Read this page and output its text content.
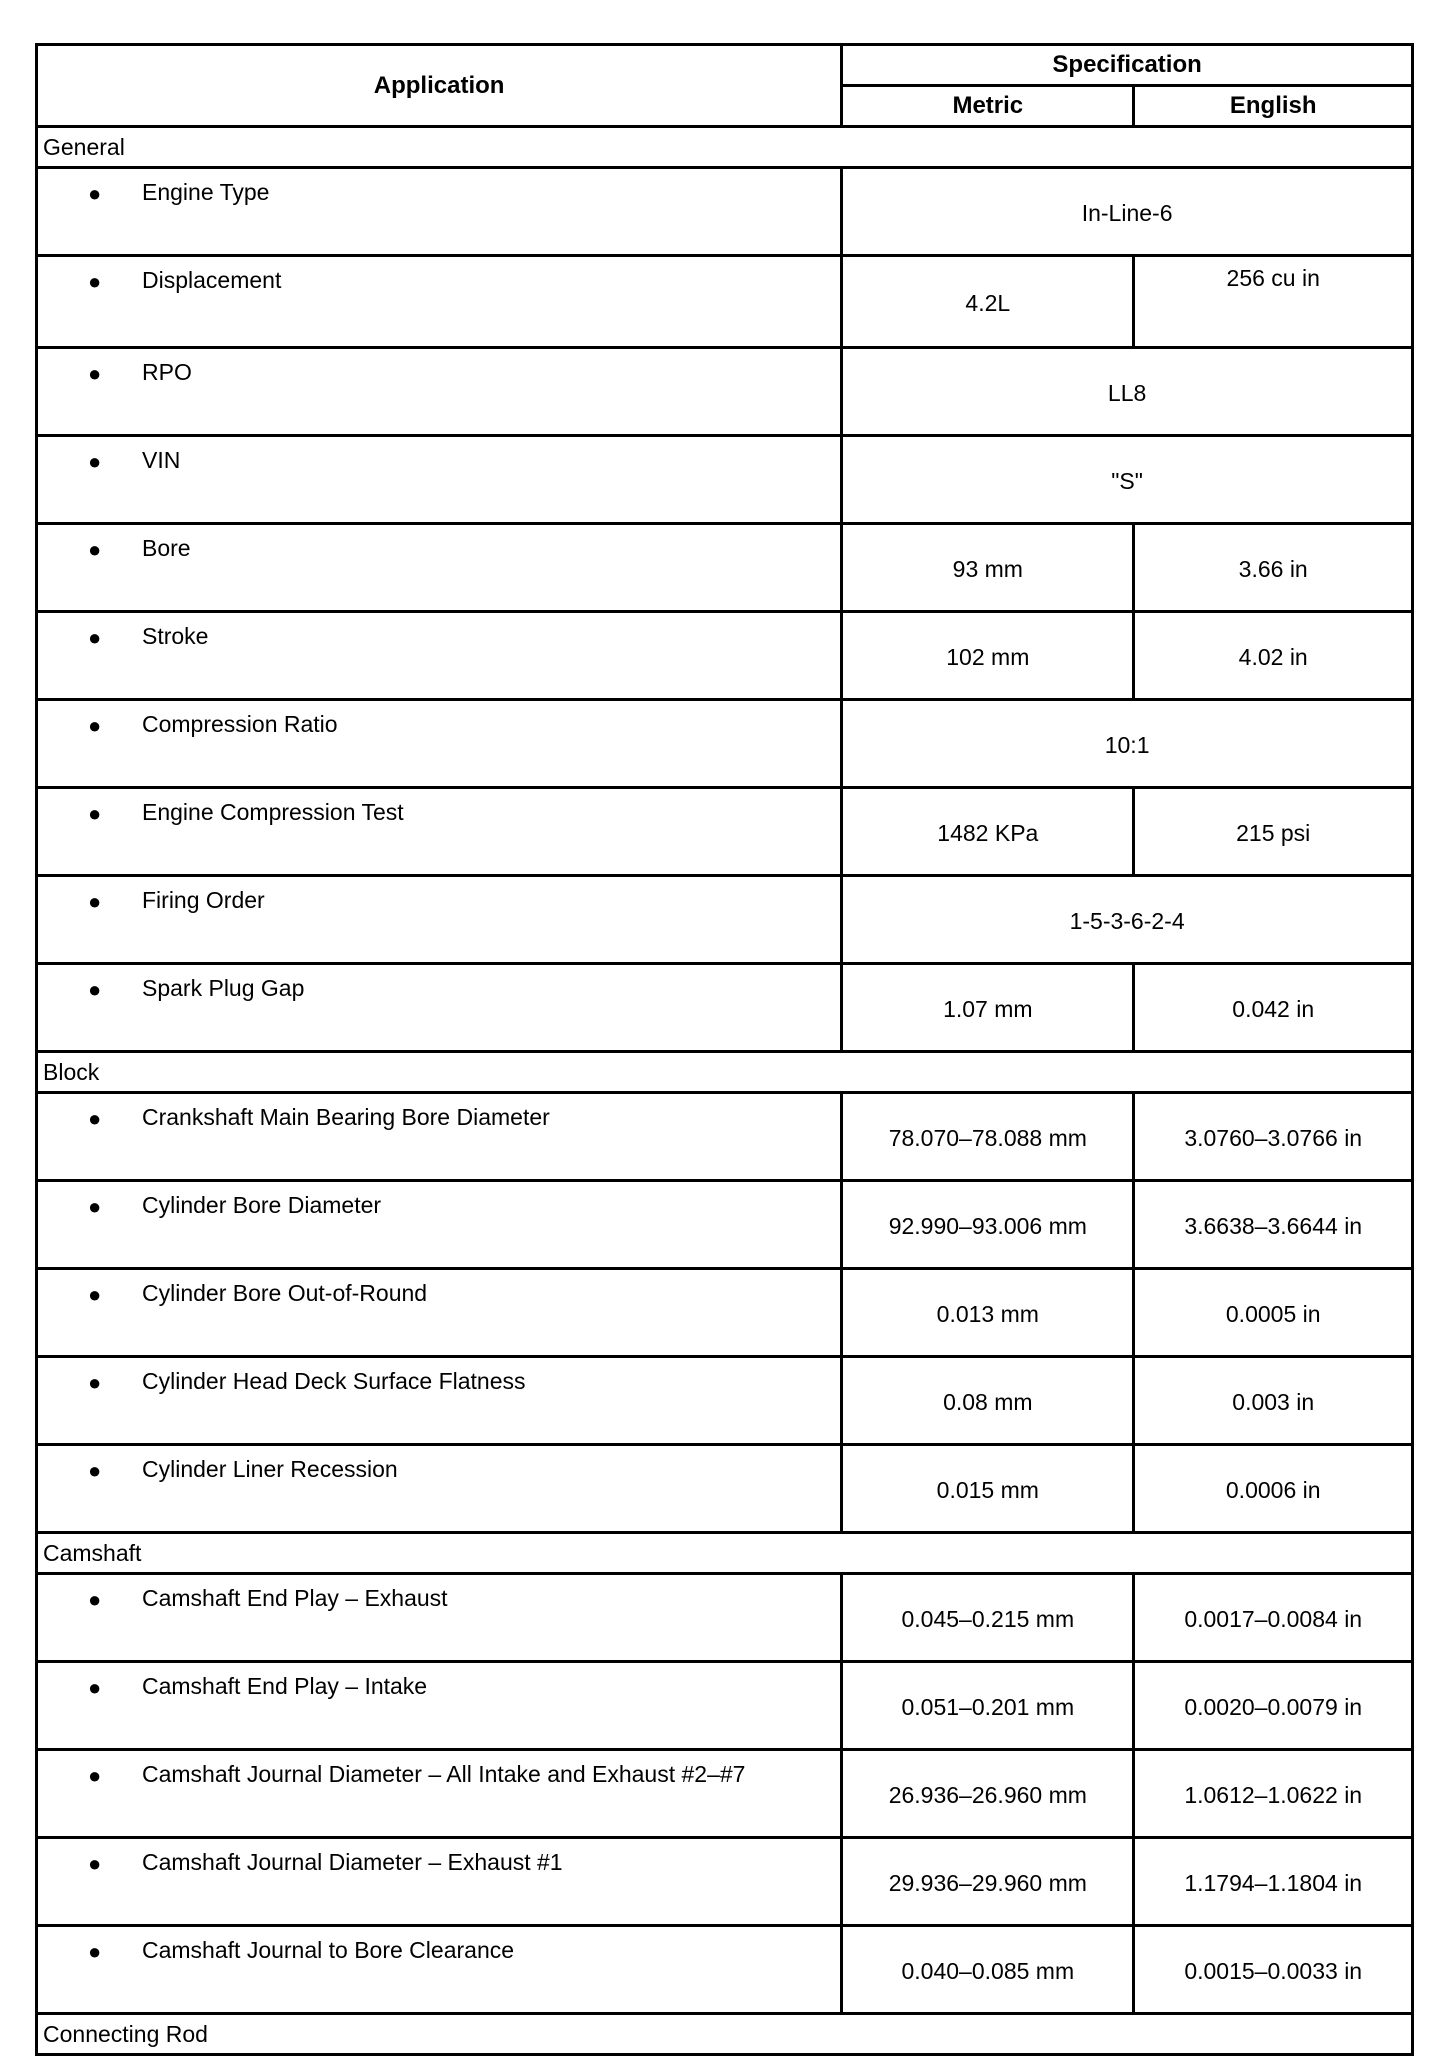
Application	Specification	
	Metric	English
General		

● Engine Type	In-Line-6	

● Displacement	4.2L	256 cu in

● RPO	LL8	

● VIN	"S"	

● Bore	93 mm	3.66 in

● Stroke	102 mm	4.02 in

● Compression Ratio	10:1	

● Engine Compression Test	1482 KPa	215 psi

● Firing Order	1-5-3-6-2-4	

● Spark Plug Gap	1.07 mm	0.042 in
Block		

● Crankshaft Main Bearing Bore Diameter	78.070–78.088 mm	3.0760–3.0766 in

● Cylinder Bore Diameter	92.990–93.006 mm	3.6638–3.6644 in

● Cylinder Bore Out-of-Round	0.013 mm	0.0005 in

● Cylinder Head Deck Surface Flatness	0.08 mm	0.003 in

● Cylinder Liner Recession	0.015 mm	0.0006 in
Camshaft		

● Camshaft End Play – Exhaust	0.045–0.215 mm	0.0017–0.0084 in

● Camshaft End Play – Intake	0.051–0.201 mm	0.0020–0.0079 in

● Camshaft Journal Diameter – All Intake and Exhaust #2–#7	26.936–26.960 mm	1.0612–1.0622 in

● Camshaft Journal Diameter – Exhaust #1	29.936–29.960 mm	1.1794–1.1804 in

● Camshaft Journal to Bore Clearance	0.040–0.085 mm	0.0015–0.0033 in
Connecting Rod		
